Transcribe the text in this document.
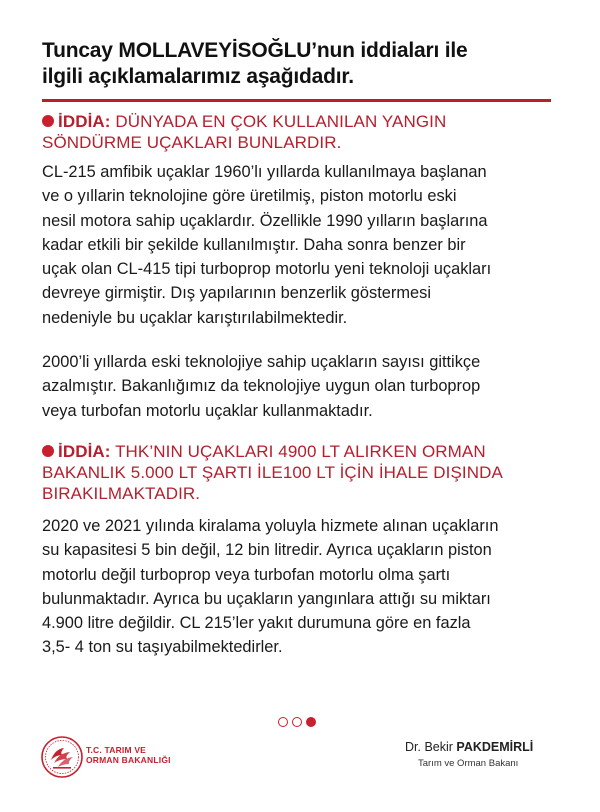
Tuncay MOLLAVEYİSOĞLU’nun iddiaları ile
ilgili açıklamalarımız aşağıdadır.
İDDİA: DÜNYADA EN ÇOK KULLANILAN YANGIN
SÖNDÜRME UÇAKLARI BUNLARDIR.
CL-215 amfibik uçaklar 1960’lı yıllarda kullanılmaya başlanan
ve o yıllarin teknolojine göre üretilmiş, piston motorlu eski
nesil motora sahip uçaklardır. Özellikle 1990 yılların başlarına
kadar etkili bir şekilde kullanılmıştır. Daha sonra benzer bir
uçak olan CL-415 tipi turboprop motorlu yeni teknoloji uçakları
devreye girmiştir. Dış yapılarının benzerlik göstermesi
nedeniyle bu uçaklar karıştırılabilmektedir.
2000’li yıllarda eski teknolojiye sahip uçakların sayısı gittikçe
azalmıştır. Bakanlığımız da teknolojiye uygun olan turboprop
veya turbofan motorlu uçaklar kullanmaktadır.
İDDİA: THK’NIN UÇAKLARI 4900 LT ALIRKEN ORMAN
BAKANLIK 5.000 LT ŞARTI İLE100 LT İÇİN İHALE DIŞINDA
BIRAKILMAKTADIR.
2020 ve 2021 yılında kiralama yoluyla hizmete alınan uçakların
su kapasitesi 5 bin değil, 12 bin litredir. Ayrıca uçakların piston
motorlu değil turboprop veya turbofan motorlu olma şartı
bulunmaktadır. Ayrıca bu uçakların yangınlara attığı su miktarı
4.900 litre değildir. CL 215’ler yakıt durumuna göre en fazla
3,5- 4 ton su taşıyabilmektedirler.
T.C. TARIM VE
ORMAN BAKANLIĞI
Dr. Bekir PAKDEMİRLİ
Tarım ve Orman Bakanı
